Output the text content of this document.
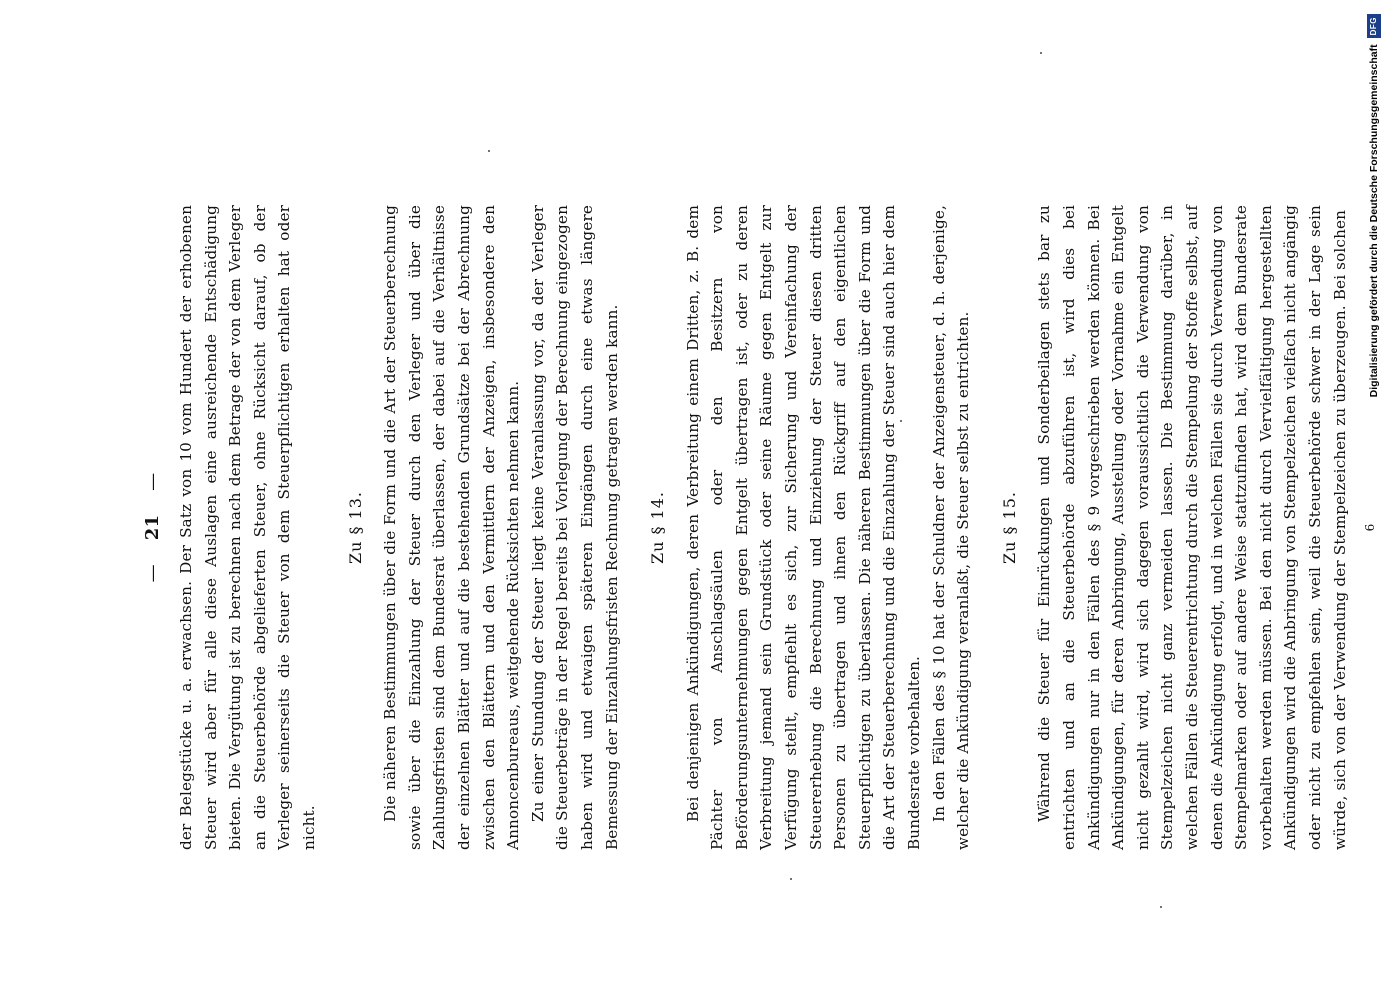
—
21
— der Belegstücke u. a. erwachsen. Der Satz von 10 vom Hundert der erhobenen Steuer wird aber für alle diese Auslagen eine ausreichende Entschädigung bieten. Die Vergütung ist zu berechnen nach dem Betrage der von dem Verleger an die Steuerbehörde abgelieferten Steuer, ohne Rücksicht darauf, ob der Verleger seinerseits die Steuer von dem Steuerpflichtigen erhalten hat oder nicht.

Zu § 13. Die näheren Bestimmungen über die Form und die Art der Steuerberechnung sowie über die Einzahlung der Steuer durch den Verleger und über die Zahlungsfristen sind dem Bundesrat überlassen, der dabei auf die Verhältnisse der einzelnen Blätter und auf die bestehenden Grundsätze bei der Abrechnung zwischen den Blättern und den Vermittlern der Anzeigen, insbesondere den Annoncenbureaus, weitgehende Rücksichten nehmen kann. Zu einer Stundung der Steuer liegt keine Veranlassung vor, da der Verleger die Steuerbeträge in der Regel bereits bei Vorlegung der Berechnung eingezogen haben wird und etwaigen späteren Eingängen durch eine etwas längere Bemessung der Einzahlungsfristen Rechnung getragen werden kann. Zu § 14. Bei denjenigen Ankündigungen, deren Verbreitung einem Dritten, z. B. dem Pächter von Anschlagsäulen oder den Besitzern von Beförderungsunternehmungen gegen Entgelt übertragen ist, oder zu deren Verbreitung jemand sein Grundstück oder seine Räume gegen Entgelt zur Verfügung stellt, empfiehlt es sich, zur Sicherung und Vereinfachung der Steuererhebung die Berechnung und Einziehung der Steuer diesen dritten Personen zu übertragen und ihnen den Rückgriff auf den eigentlichen Steuerpflichtigen zu überlassen. Die näheren Bestimmungen über die Form und die Art der Steuerberechnung und die Einzahlung der Steuer sind auch hier dem Bundesrate vorbehalten. In den Fällen des § 10 hat der Schuldner der Anzeigensteuer, d. h. derjenige, welcher die Ankündigung veranlaßt, die Steuer selbst zu entrichten. Zu § 15. Während die Steuer für Einrückungen und Sonderbeilagen stets bar zu entrichten und an die Steuerbehörde abzuführen ist, wird dies bei Ankündigungen nur in den Fällen des § 9 vorgeschrieben werden können. Bei Ankündigungen, für deren Anbringung, Ausstellung oder Vornahme ein Entgelt nicht gezahlt wird, wird sich dagegen voraussichtlich die Verwendung von Stempelzeichen nicht ganz vermeiden lassen. Die Bestimmung darüber, in welchen Fällen die Steuerentrichtung durch die Stempelung der Stoffe selbst, auf denen die Ankündigung erfolgt, und in welchen Fällen sie durch Verwendung von Stempelmarken oder auf andere Weise stattzufinden hat, wird dem Bundesrate vorbehalten werden müssen. Bei den nicht durch Vervielfältigung hergestellten Ankündigungen wird die Anbringung von Stempelzeichen vielfach nicht angängig oder nicht zu empfehlen sein, weil die Steuerbehörde schwer in der Lage sein würde, sich von der Verwendung der Stempelzeichen zu überzeugen. Bei solchen	6
Digitalisierung gefördert durch die Deutsche Forschungsgemeinschaft
DFG
